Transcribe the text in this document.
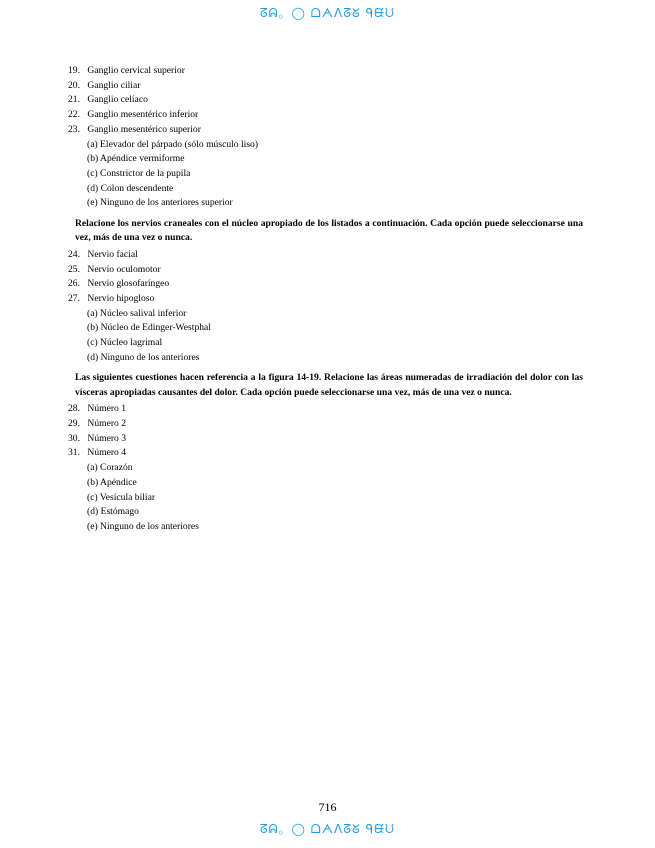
ᘔᕱ。◯ ᗝᗅᐱᘔᘜ ᑫᙙᙀ

19. Ganglio cervical superior

20. Ganglio ciliar

21. Ganglio celíaco

22. Ganglio mesentérico inferior

23. Ganglio mesentérico superior

(a) Elevador del párpado (sólo músculo liso)

(b) Apéndice vermiforme

(c) Constrictor de la pupila

(d) Colon descendente

(e) Ninguno de los anteriores superior

Relacione los nervios craneales con el núcleo apropiado de los listados a continuación. Cada opción puede seleccionarse una vez, más de una vez o nunca.

24. Nervio facial

25. Nervio oculomotor

26. Nervio glosofaríngeo

27. Nervio hipogloso

(a) Núcleo salival inferior

(b) Núcleo de Edinger-Westphal

(c) Núcleo lagrimal

(d) Ninguno de los anteriores

Las siguientes cuestiones hacen referencia a la figura 14-19. Relacione las áreas numeradas de irradiación del dolor con las vísceras apropiadas causantes del dolor. Cada opción puede seleccionarse una vez, más de una vez o nunca.

28. Número 1

29. Número 2

30. Número 3

31. Número 4

(a) Corazón

(b) Apéndice

(c) Vesícula biliar

(d) Estómago

(e) Ninguno de los anteriores

716
ᘔᕱ。◯ ᗝᗅᐱᘔᘜ ᑫᙙᙀ
